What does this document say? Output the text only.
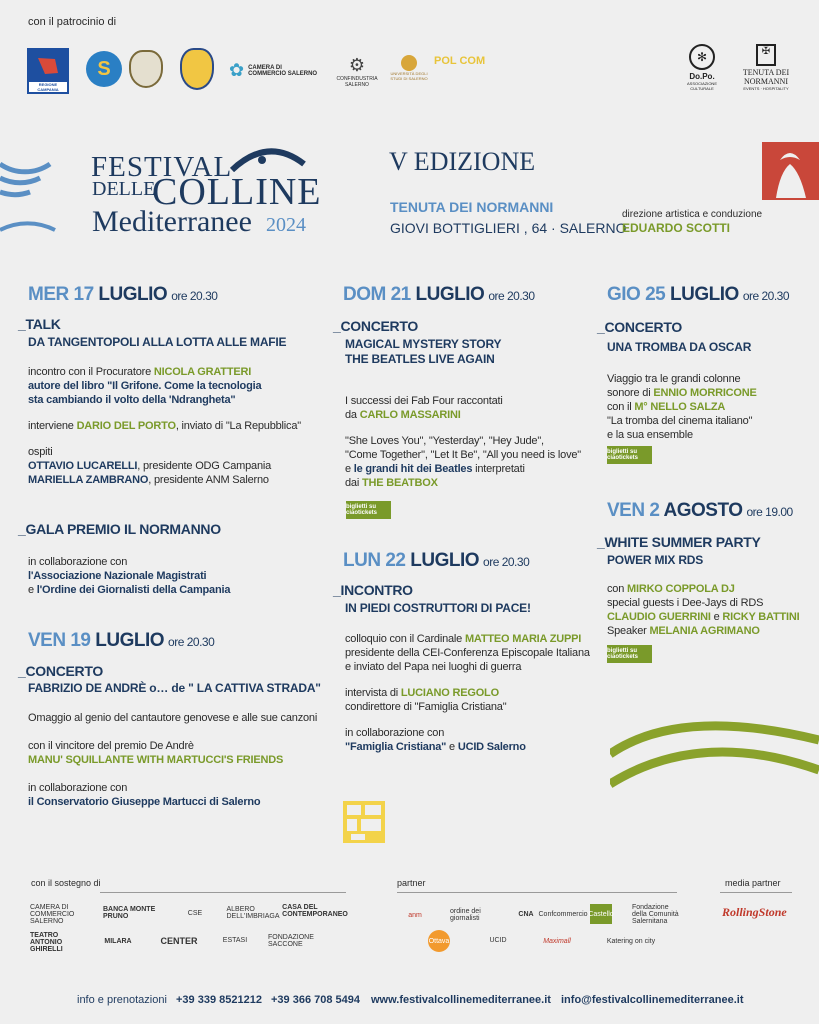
con il patrocinio di
REGIONE CAMPANIA
S	✿ CAMERA DI COMMERCIO SALERNO	⚙
CONFINDUSTRIA SALERNO
UNIVERSITÀ DEGLI STUDI DI SALERNO
POL COM	✻
Do.Po.
ASSOCIAZIONE CULTURALE
✠
TENUTA DEI NORMANNI
EVENTS · HOSPITALITY
FESTIVAL
DELLE
COLLINE
Mediterranee 2024
V EDIZIONE
TENUTA DEI NORMANNI
GIOVI BOTTIGLIERI , 64 · SALERNO
direzione artistica e conduzione
EDUARDO SCOTTI
MER 17 LUGLIO ore 20.30
_TALK
DA TANGENTOPOLI ALLA LOTTA ALLE MAFIE
incontro con il Procuratore NICOLA GRATTERI
autore del libro "Il Grifone. Come la tecnologia
sta cambiando il volto della 'Ndrangheta"
interviene DARIO DEL PORTO, inviato di "La Repubblica"
ospiti
OTTAVIO LUCARELLI, presidente ODG Campania
MARIELLA ZAMBRANO, presidente ANM Salerno
_GALA PREMIO IL NORMANNO
in collaborazione con
l'Associazione Nazionale Magistrati
e l'Ordine dei Giornalisti della Campania
VEN 19 LUGLIO ore 20.30
_CONCERTO
FABRIZIO DE ANDRÈ o… de " LA CATTIVA STRADA"
Omaggio al genio del cantautore genovese e alle sue canzoni
con il vincitore del premio De Andrè
MANU' SQUILLANTE WITH MARTUCCI'S FRIENDS
in collaborazione con
il Conservatorio Giuseppe Martucci di Salerno
DOM 21 LUGLIO ore 20.30
_CONCERTO
MAGICAL MYSTERY STORY
THE BEATLES LIVE AGAIN
I successi dei Fab Four raccontati
da CARLO MASSARINI
"She Loves You", "Yesterday", "Hey Jude",
"Come Together", "Let It Be", "All you need is love"
e le grandi hit dei Beatles interpretati
dai THE BEATBOX
biglietti su ciaotickets
LUN 22 LUGLIO ore 20.30
_INCONTRO
IN PIEDI COSTRUTTORI DI PACE!
colloquio con il Cardinale MATTEO MARIA ZUPPI
presidente della CEI-Conferenza Episcopale Italiana
e inviato del Papa nei luoghi di guerra
intervista di LUCIANO REGOLO
condirettore di "Famiglia Cristiana"
in collaborazione con
"Famiglia Cristiana" e UCID Salerno
GIO 25 LUGLIO ore 20.30
_CONCERTO
UNA TROMBA DA OSCAR
Viaggio tra le grandi colonne
sonore di ENNIO MORRICONE
con il M° NELLO SALZA
"La tromba del cinema italiano"
e la sua ensemble
biglietti su ciaotickets
VEN 2 AGOSTO ore 19.00
_WHITE SUMMER PARTY
POWER MIX RDS
con MIRKO COPPOLA DJ
special guests i Dee-Jays di RDS
CLAUDIO GUERRINI e RICKY BATTINI
Speaker MELANIA AGRIMANO
biglietti su ciaotickets
con il sostegno di	partner	media partner
CAMERA DI COMMERCIO SALERNO
BANCA MONTE PRUNO	CSE	ALBERO DELL'IMBRIAGA
CASA DEL CONTEMPORANEO
TEATRO ANTONIO GHIRELLI
MILARA	CENTER	ESTASI	FONDAZIONE SACCONE
anm	ordine dei giornalisti
CNA Confcommercio Castello
Fondazione della Comunità Salernitana
Ottava	UCID	Maximall	Katering on city
RollingStone
info e prenotazioni +39 339 8521212 +39 366 708 5494 www.festivalcollinemediterranee.it info@festivalcollinemediterranee.it
